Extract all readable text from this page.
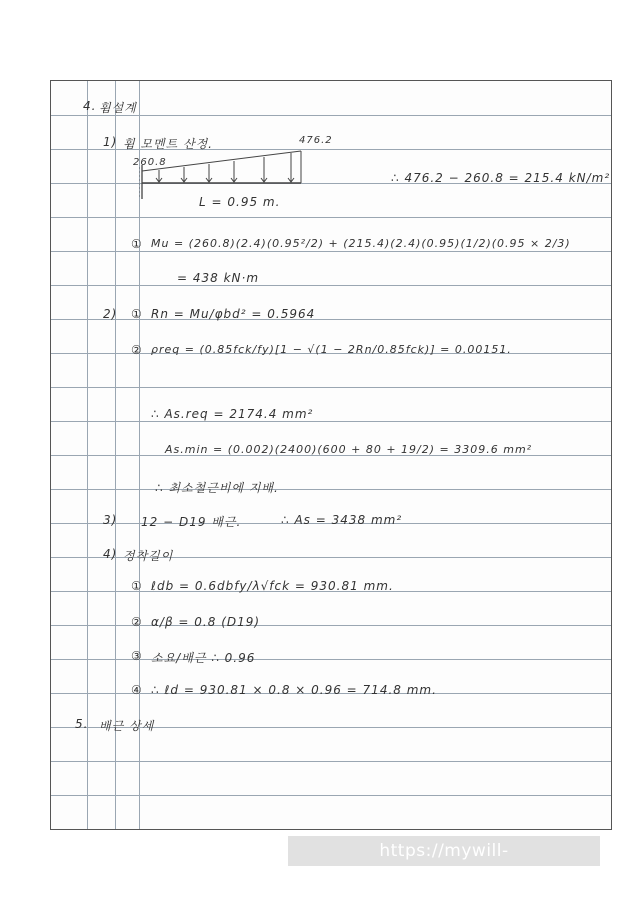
4. 휨설계
1) 휨 모멘트 산정.
260.8
476.2
L = 0.95 m.
∴ 476.2 − 260.8 = 215.4 kN/m²
① Mu = (260.8)(2.4)(0.95²/2) + (215.4)(2.4)(0.95)(1/2)(0.95 × 2/3)
= 438 kN·m
2) ① Rn = Mu/φbd² = 0.5964
② ρreq = (0.85fck/fy)[1 − √(1 − 2Rn/0.85fck)] = 0.00151.
∴ As.req = 2174.4 mm²
As.min = (0.002)(2400)(600 + 80 + 19/2) = 3309.6 mm²
∴ 최소철근비에 지배.
3) 12 − D19 배근.	∴ As = 3438 mm²
4) 정착길이
① ℓdb = 0.6dbfy/λ√fck = 930.81 mm.
② α/β = 0.8 (D19)
③ 소요/배근 ∴ 0.96
④ ∴ ℓd = 930.81 × 0.8 × 0.96 = 714.8 mm.
5. 배근 상세
https://mywill-engineer.tistory.com
